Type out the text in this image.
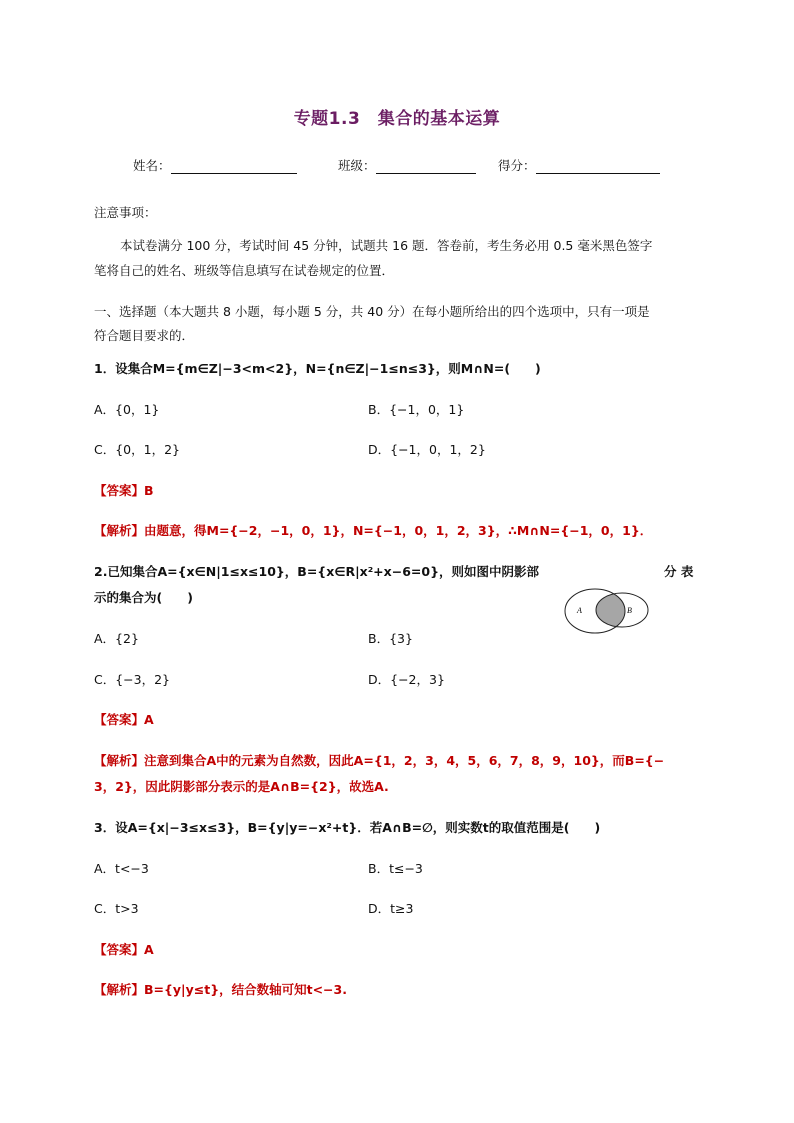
专题1.3　集合的基本运算
姓名：	班级：	得分：
注意事项：
本试卷满分 100 分，考试时间 45 分钟，试题共 16 题．答卷前，考生务必用 0.5 毫米黑色签字
笔将自己的姓名、班级等信息填写在试卷规定的位置．
一、选择题（本大题共 8 小题，每小题 5 分，共 40 分）在每小题所给出的四个选项中，只有一项是
符合题目要求的．
1．设集合M={m∈Z|−3<m<2}，N={n∈Z|−1≤n≤3}，则M∩N=(　　)
A．{0，1}	B．{−1，0，1}
C．{0，1，2}	D．{−1，0，1，2}
【答案】B
【解析】由题意，得M={−2，−1，0，1}，N={−1，0，1，2，3}，∴M∩N={−1，0，1}．
2.已知集合A={x∈N|1≤x≤10}，B={x∈R|x²+x−6=0}，则如图中阴影部	分 表
示的集合为(　　)
A	B
A．{2}	B．{3}
C．{−3，2}	D．{−2，3}
【答案】A
【解析】注意到集合A中的元素为自然数，因此A={1，2，3，4，5，6，7，8，9，10}，而B={−
3，2}，因此阴影部分表示的是A∩B={2}，故选A.
3．设A={x|−3≤x≤3}，B={y|y=−x²+t}．若A∩B=∅，则实数t的取值范围是(　　)
A．t<−3	B．t≤−3
C．t>3	D．t≥3
【答案】A
【解析】B={y|y≤t}，结合数轴可知t<−3.
